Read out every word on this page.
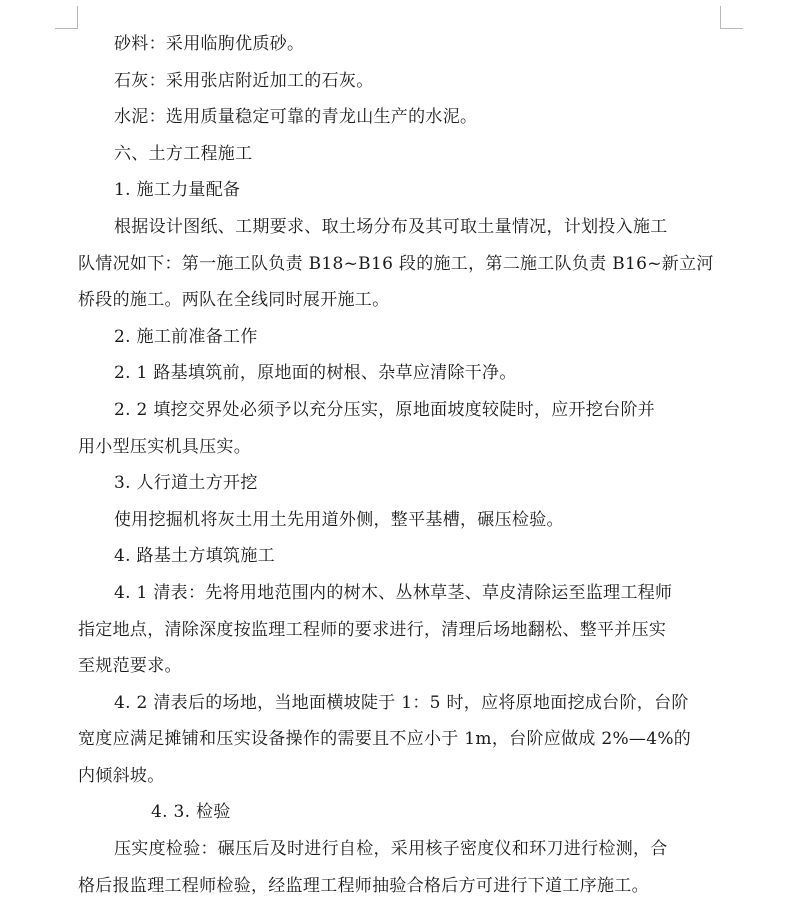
砂料：采用临朐优质砂。

石灰：采用张店附近加工的石灰。

水泥：选用质量稳定可靠的青龙山生产的水泥。

六、土方工程施工

1. 施工力量配备

根据设计图纸、工期要求、取土场分布及其可取土量情况，计划投入施工

队情况如下：第一施工队负责 B18~B16 段的施工，第二施工队负责 B16~新立河

桥段的施工。两队在全线同时展开施工。

2. 施工前准备工作

2. 1 路基填筑前，原地面的树根、杂草应清除干净。

2. 2 填挖交界处必须予以充分压实，原地面坡度较陡时，应开挖台阶并

用小型压实机具压实。

3. 人行道土方开挖

使用挖掘机将灰土用土先用道外侧，整平基槽，碾压检验。

4. 路基土方填筑施工

4. 1 清表：先将用地范围内的树木、丛林草茎、草皮清除运至监理工程师

指定地点，清除深度按监理工程师的要求进行，清理后场地翻松、整平并压实

至规范要求。

4. 2 清表后的场地，当地面横坡陡于 1：5 时，应将原地面挖成台阶，台阶

宽度应满足摊铺和压实设备操作的需要且不应小于 1m，台阶应做成 2%—4%的

内倾斜坡。

4. 3. 检验

压实度检验：碾压后及时进行自检，采用核子密度仪和环刀进行检测，合

格后报监理工程师检验，经监理工程师抽验合格后方可进行下道工序施工。
